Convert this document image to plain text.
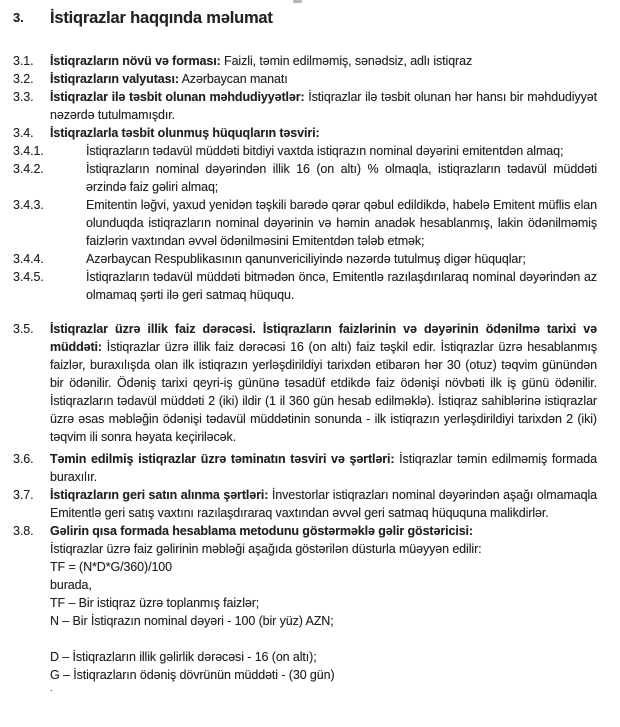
3.	İstiqrazlar haqqında məlumat
3.1.	İstiqrazların növü və forması: Faizli, təmin edilməmiş, sənədsiz, adlı istiqraz
3.2.	İstiqrazların valyutası: Azərbaycan manatı
3.3.	İstiqrazlar ilə təsbit olunan məhdudiyyətlər: İstiqrazlar ilə təsbit olunan hər hansı bir məhdudiyyət nəzərdə tutulmamışdır.
3.4.	İstiqrazlarla təsbit olunmuş hüquqların təsviri:
3.4.1.	İstiqrazların tədavül müddəti bitdiyi vaxtda istiqrazın nominal dəyərini emitentdən almaq;
3.4.2.	İstiqrazların nominal dəyərindən illik 16 (on altı) % olmaqla, istiqrazların tədavül müddəti ərzində faiz gəliri almaq;
3.4.3.	Emitentin ləğvi, yaxud yenidən təşkili barədə qərar qəbul edildikdə, habelə Emitent müflis elan olunduqda istiqrazların nominal dəyərinin və həmin anadək hesablanmış, lakin ödənilməmiş faizlərin vaxtından əvvəl ödənilməsini Emitentdən tələb etmək;
3.4.4.	Azərbaycan Respublikasının qanunvericiliyində nəzərdə tutulmuş digər hüquqlar;
3.4.5.	İstiqrazların tədavül müddəti bitmədən öncə, Emitentlə razılaşdırılaraq nominal dəyərindən az olmamaq şərti ilə geri satmaq hüququ.
3.5.	İstiqrazlar üzrə illik faiz dərəcəsi. İstiqrazların faizlərinin və dəyərinin ödənilmə tarixi və müddəti: İstiqrazlar üzrə illik faiz dərəcəsi 16 (on altı) faiz təşkil edir. İstiqrazlar üzrə hesablanmış faizlər, buraxılışda olan ilk istiqrazın yerləşdirildiyi tarixdən etibarən hər 30 (otuz) təqvim günündən bir ödənilir. Ödəniş tarixi qeyri-iş gününə təsadüf etdikdə faiz ödənişi növbəti ilk iş günü ödənilir. İstiqrazların tədavül müddəti 2 (iki) ildir (1 il 360 gün hesab edilməklə). İstiqraz sahiblərinə istiqrazlar üzrə əsas məbləğin ödənişi tədavül müddətinin sonunda - ilk istiqrazın yerləşdirildiyi tarixdən 2 (iki) təqvim ili sonra həyata keçiriləcək.
3.6.	Təmin edilmiş istiqrazlar üzrə təminatın təsviri və şərtləri: İstiqrazlar təmin edilməmiş formada buraxılır.
3.7.	İstiqrazların geri satın alınma şərtləri: İnvestorlar istiqrazları nominal dəyərindən aşağı olmamaqla Emitentlə geri satış vaxtını razılaşdıraraq vaxtından əvvəl geri satmaq hüququna malikdirlər.
3.8.	Gəlirin qısa formada hesablama metodunu göstərməklə gəlir göstəricisi:
İstiqrazlar üzrə faiz gəlirinin məbləği aşağıda göstərilən düsturla müəyyən edilir:
TF = (N*D*G/360)/100
burada,
TF – Bir istiqraz üzrə toplanmış faizlər;
N – Bir İstiqrazın nominal dəyəri - 100 (bir yüz) AZN;
D – İstiqrazların illik gəlirlik dərəcəsi - 16 (on altı);
G – İstiqrazların ödəniş dövrünün müddəti - (30 gün)
.
